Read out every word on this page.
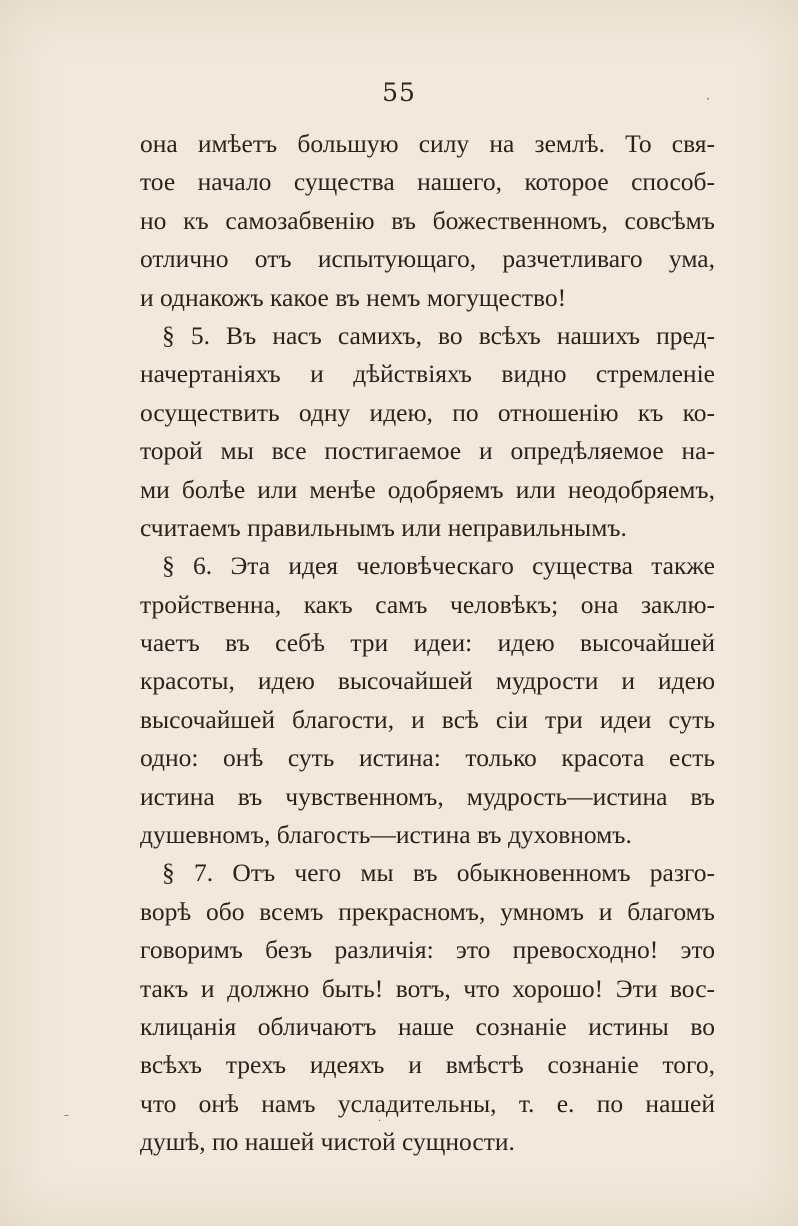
55	·
–
·
она имѣетъ большую силу на землѣ. То свя-
тое начало существа нашего, которое способ-
но къ самозабвенію въ божественномъ, совсѣмъ
отлично отъ испытующаго, разчетливаго ума,
и однакожъ какое въ немъ могущество!
§ 5. Въ насъ самихъ, во всѣхъ нашихъ пред-
начертаніяхъ и дѣйствіяхъ видно стремленіе
осуществить одну идею, по отношенію къ ко-
торой мы все постигаемое и опредѣляемое на-
ми болѣе или менѣе одобряемъ или неодобряемъ,
считаемъ правильнымъ или неправильнымъ.
§ 6. Эта идея человѣческаго существа также
тройственна, какъ самъ человѣкъ; она заклю-
чаетъ въ себѣ три идеи: идею высочайшей
красоты, идею высочайшей мудрости и идею
высочайшей благости, и всѣ сіи три идеи суть
одно: онѣ суть истина: только красота есть
истина въ чувственномъ, мудрость—истина въ
душевномъ, благость—истина въ духовномъ.
§ 7. Отъ чего мы въ обыкновенномъ разго-
ворѣ обо всемъ прекрасномъ, умномъ и благомъ
говоримъ безъ различія: это превосходно! это
такъ и должно быть! вотъ, что хорошо! Эти вос-
клицанія обличаютъ наше сознаніе истины во
всѣхъ трехъ идеяхъ и вмѣстѣ сознаніе того,
что онѣ намъ усладительны, т. е. по нашей
душѣ, по нашей чистой сущности.
